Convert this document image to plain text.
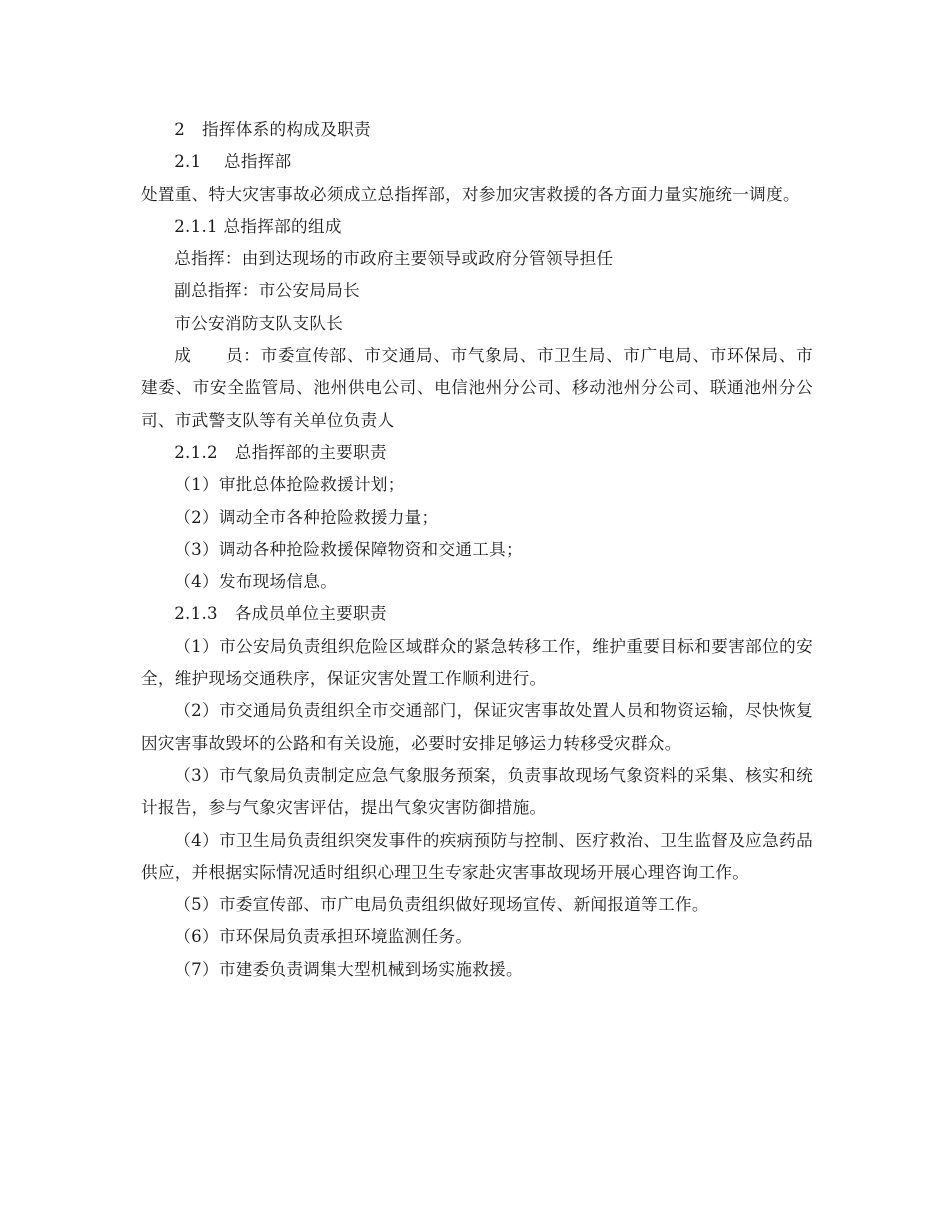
2　指挥体系的构成及职责

2.1　 总指挥部

处置重、特大灾害事故必须成立总指挥部，对参加灾害救援的各方面力量实施统一调度。

2.1.1 总指挥部的组成

总指挥：由到达现场的市政府主要领导或政府分管领导担任

副总指挥：市公安局局长

市公安消防支队支队长

成　　员：市委宣传部、市交通局、市气象局、市卫生局、市广电局、市环保局、市建委、市安全监管局、池州供电公司、电信池州分公司、移动池州分公司、联通池州分公司、市武警支队等有关单位负责人

2.1.2　总指挥部的主要职责

（1）审批总体抢险救援计划；

（2）调动全市各种抢险救援力量；

（3）调动各种抢险救援保障物资和交通工具；

（4）发布现场信息。

2.1.3　各成员单位主要职责

（1）市公安局负责组织危险区域群众的紧急转移工作，维护重要目标和要害部位的安全，维护现场交通秩序，保证灾害处置工作顺利进行。

（2）市交通局负责组织全市交通部门，保证灾害事故处置人员和物资运输，尽快恢复因灾害事故毁坏的公路和有关设施，必要时安排足够运力转移受灾群众。

（3）市气象局负责制定应急气象服务预案，负责事故现场气象资料的采集、核实和统计报告，参与气象灾害评估，提出气象灾害防御措施。

（4）市卫生局负责组织突发事件的疾病预防与控制、医疗救治、卫生监督及应急药品供应，并根据实际情况适时组织心理卫生专家赴灾害事故现场开展心理咨询工作。

（5）市委宣传部、市广电局负责组织做好现场宣传、新闻报道等工作。

（6）市环保局负责承担环境监测任务。

（7）市建委负责调集大型机械到场实施救援。
